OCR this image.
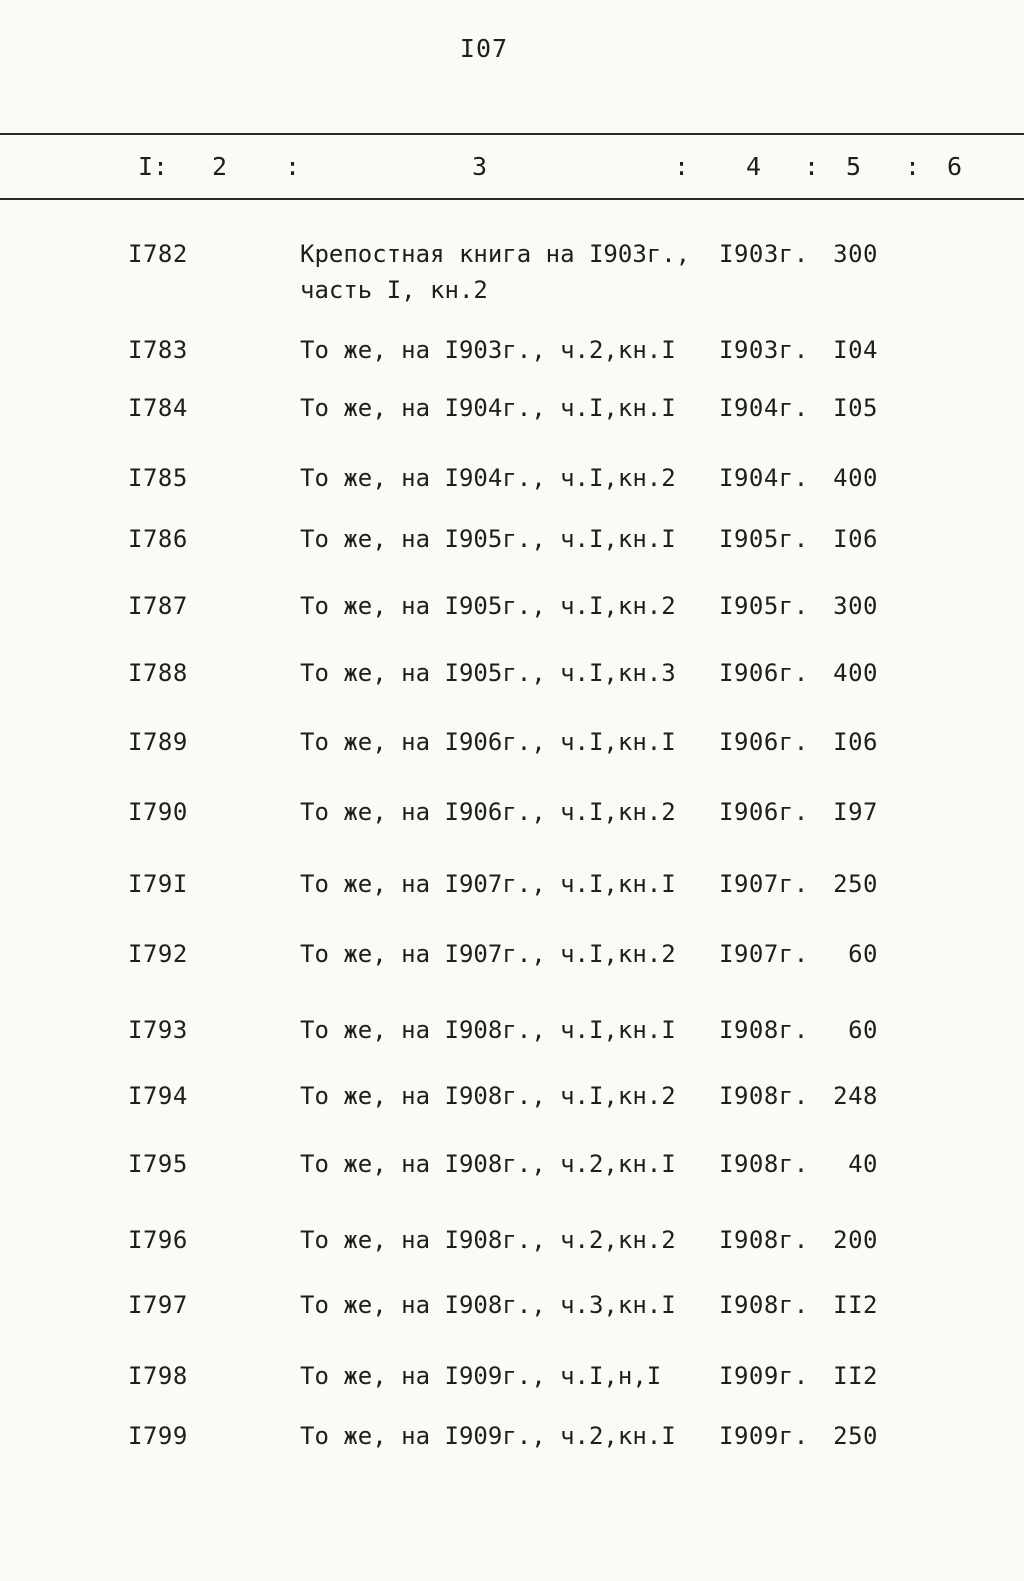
I07
I: 2 :	3	: 4 : 5 : 6
I782	Крепостная книга на I903г.,
часть I, кн.2
I903г.	300
I783	То же, на I903г., ч.2,кн.I	I903г.	I04
I784	То же, на I904г., ч.I,кн.I	I904г.	I05
I785	То же, на I904г., ч.I,кн.2	I904г.	400
I786	То же, на I905г., ч.I,кн.I	I905г.	I06
I787	То же, на I905г., ч.I,кн.2	I905г.	300
I788	То же, на I905г., ч.I,кн.3	I906г.	400
I789	То же, на I906г., ч.I,кн.I	I906г.	I06
I790	То же, на I906г., ч.I,кн.2	I906г.	I97
I79I	То же, на I907г., ч.I,кн.I	I907г.	250
I792	То же, на I907г., ч.I,кн.2	I907г.	60
I793	То же, на I908г., ч.I,кн.I	I908г.	60
I794	То же, на I908г., ч.I,кн.2	I908г.	248
I795	То же, на I908г., ч.2,кн.I	I908г.	40
I796	То же, на I908г., ч.2,кн.2	I908г.	200
I797	То же, на I908г., ч.3,кн.I	I908г.	II2
I798	То же, на I909г., ч.I,н,I	I909г.	II2
I799	То же, на I909г., ч.2,кн.I	I909г.	250
